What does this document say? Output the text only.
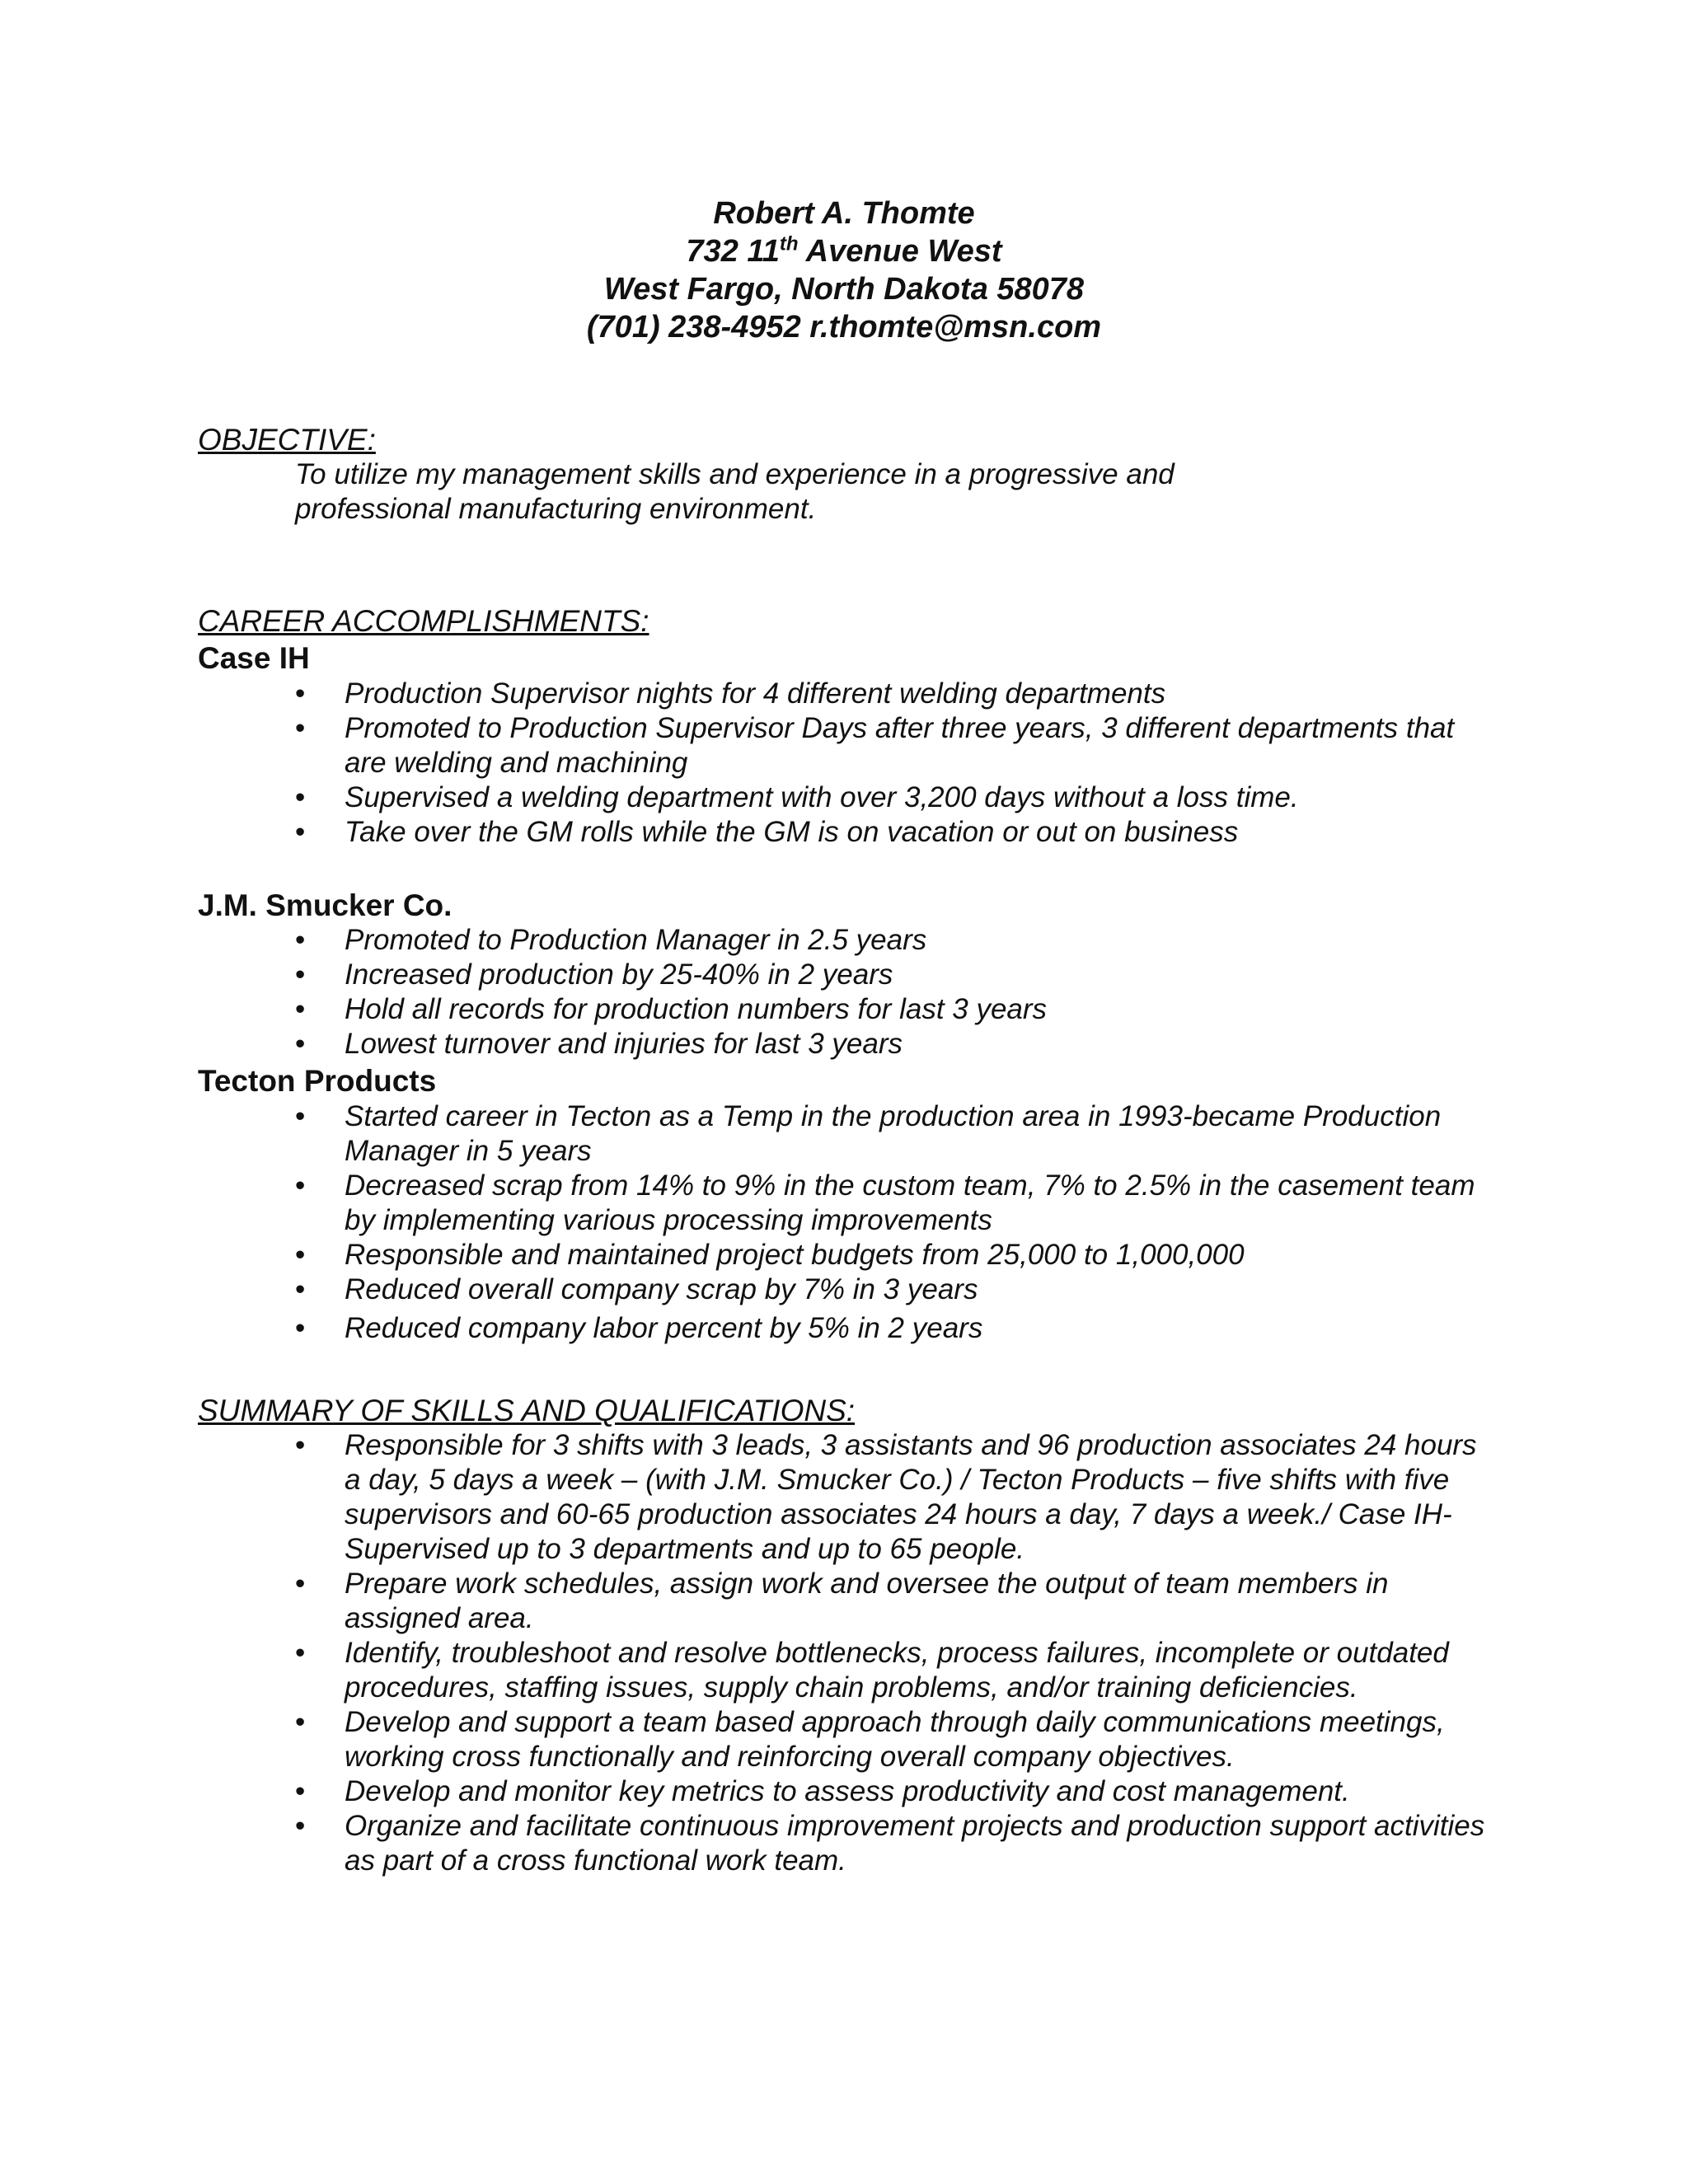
Robert A. Thomte
732 11th Avenue West
West Fargo, North Dakota 58078
(701) 238-4952 r.thomte@msn.com
OBJECTIVE:
To utilize my management skills and experience in a progressive and
professional manufacturing environment.
CAREER ACCOMPLISHMENTS:
Case IH
• Production Supervisor nights for 4 different welding departments
• Promoted to Production Supervisor Days after three years, 3 different departments that are welding and machining
• Supervised a welding department with over 3,200 days without a loss time.
• Take over the GM rolls while the GM is on vacation or out on business
J.M. Smucker Co.
• Promoted to Production Manager in 2.5 years
• Increased production by 25-40% in 2 years
• Hold all records for production numbers for last 3 years
• Lowest turnover and injuries for last 3 years
Tecton Products
• Started career in Tecton as a Temp in the production area in 1993-became Production Manager in 5 years
• Decreased scrap from 14% to 9% in the custom team, 7% to 2.5% in the casement team by implementing various processing improvements
• Responsible and maintained project budgets from 25,000 to 1,000,000
• Reduced overall company scrap by 7% in 3 years
• Reduced company labor percent by 5% in 2 years
SUMMARY OF SKILLS AND QUALIFICATIONS:
• Responsible for 3 shifts with 3 leads, 3 assistants and 96 production associates 24 hours a day, 5 days a week – (with J.M. Smucker Co.) / Tecton Products – five shifts with five supervisors and 60-65 production associates 24 hours a day, 7 days a week./ Case IH-Supervised up to 3 departments and up to 65 people.
• Prepare work schedules, assign work and oversee the output of team members in assigned area.
• Identify, troubleshoot and resolve bottlenecks, process failures, incomplete or outdated procedures, staffing issues, supply chain problems, and/or training deficiencies.
• Develop and support a team based approach through daily communications meetings, working cross functionally and reinforcing overall company objectives.
• Develop and monitor key metrics to assess productivity and cost management.
• Organize and facilitate continuous improvement projects and production support activities as part of a cross functional work team.
